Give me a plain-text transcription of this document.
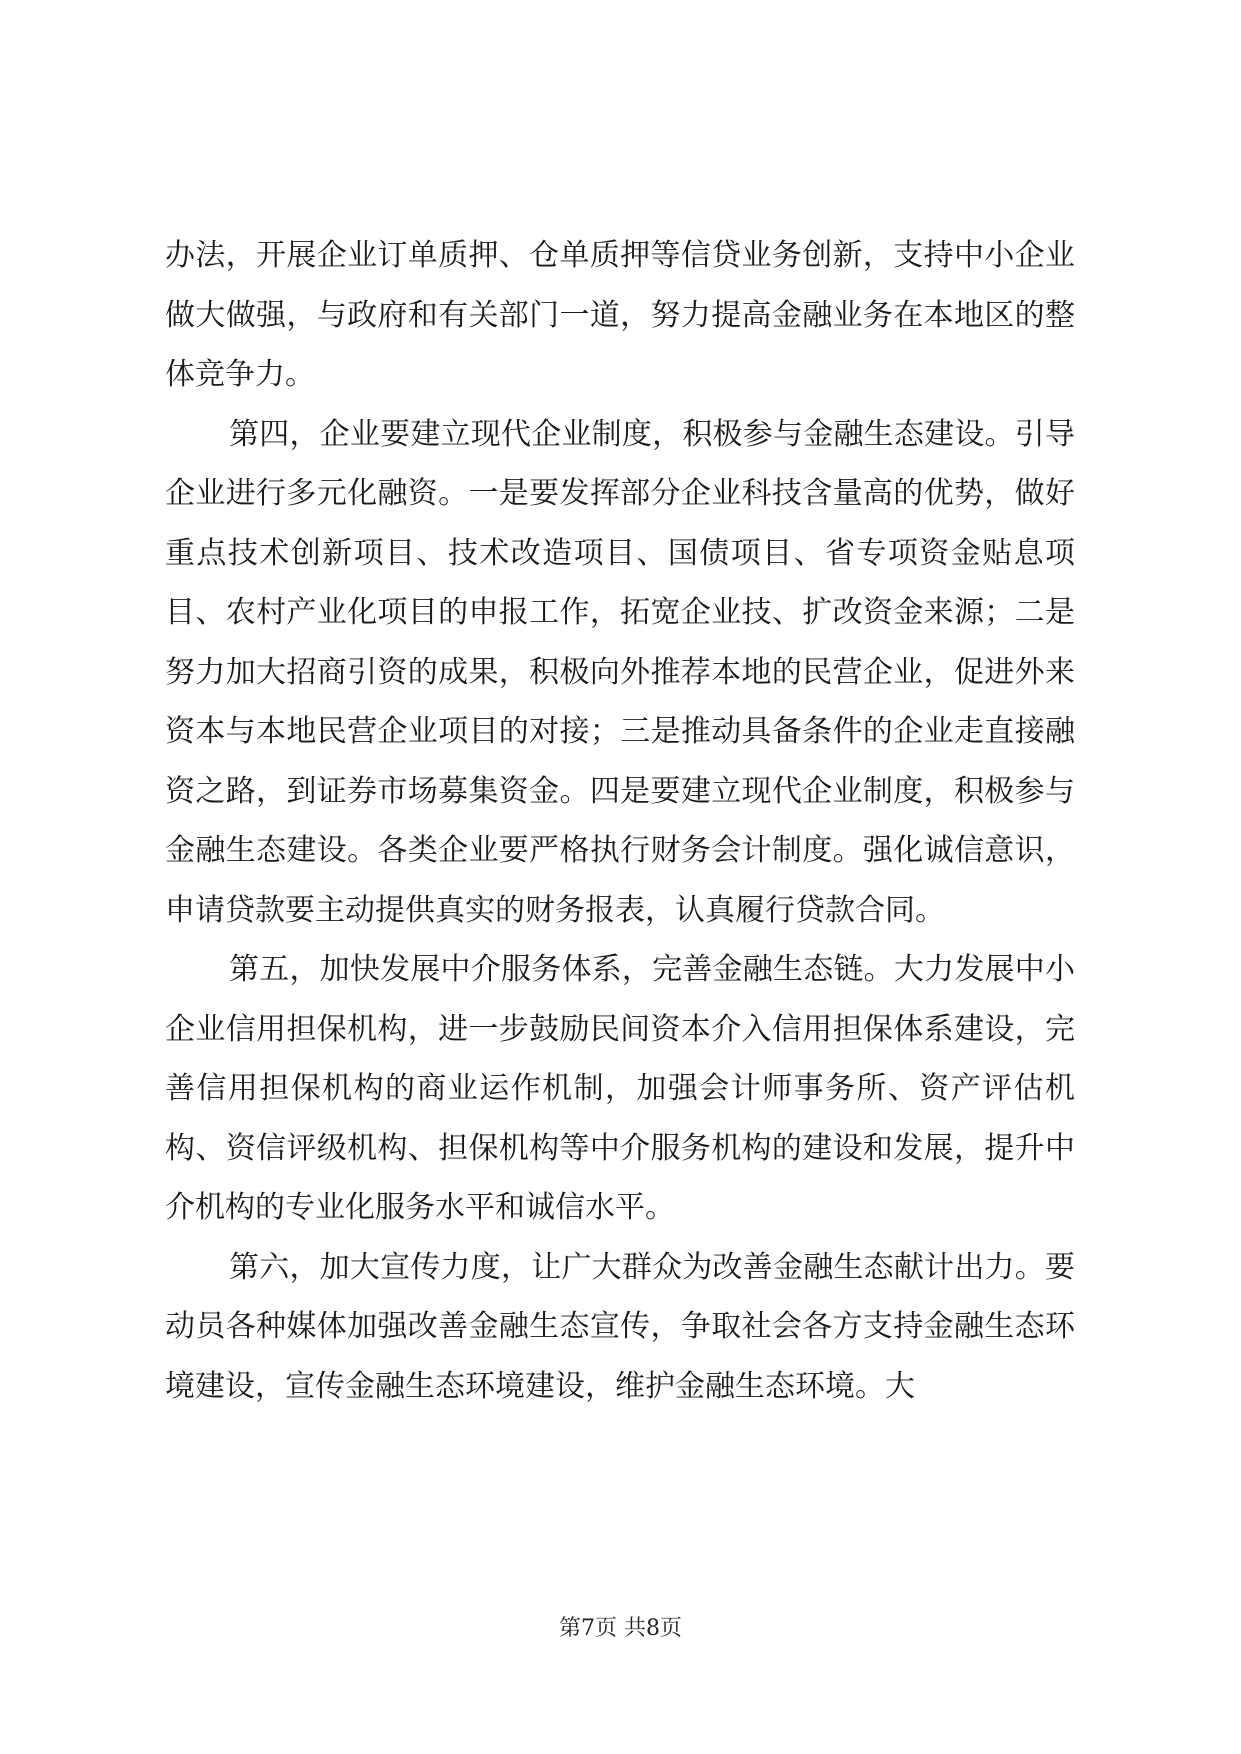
办法，开展企业订单质押、仓单质押等信贷业务创新，支持中小企业做大做强，与政府和有关部门一道，努力提高金融业务在本地区的整体竞争力。

第四，企业要建立现代企业制度，积极参与金融生态建设。引导企业进行多元化融资。一是要发挥部分企业科技含量高的优势，做好重点技术创新项目、技术改造项目、国债项目、省专项资金贴息项目、农村产业化项目的申报工作，拓宽企业技、扩改资金来源；二是努力加大招商引资的成果，积极向外推荐本地的民营企业，促进外来资本与本地民营企业项目的对接；三是推动具备条件的企业走直接融资之路，到证券市场募集资金。四是要建立现代企业制度，积极参与金融生态建设。各类企业要严格执行财务会计制度。强化诚信意识，申请贷款要主动提供真实的财务报表，认真履行贷款合同。

第五，加快发展中介服务体系，完善金融生态链。大力发展中小企业信用担保机构，进一步鼓励民间资本介入信用担保体系建设，完善信用担保机构的商业运作机制，加强会计师事务所、资产评估机构、资信评级机构、担保机构等中介服务机构的建设和发展，提升中介机构的专业化服务水平和诚信水平。

第六，加大宣传力度，让广大群众为改善金融生态献计出力。要动员各种媒体加强改善金融生态宣传，争取社会各方支持金融生态环境建设，宣传金融生态环境建设，维护金融生态环境。大

第7页 共8页
